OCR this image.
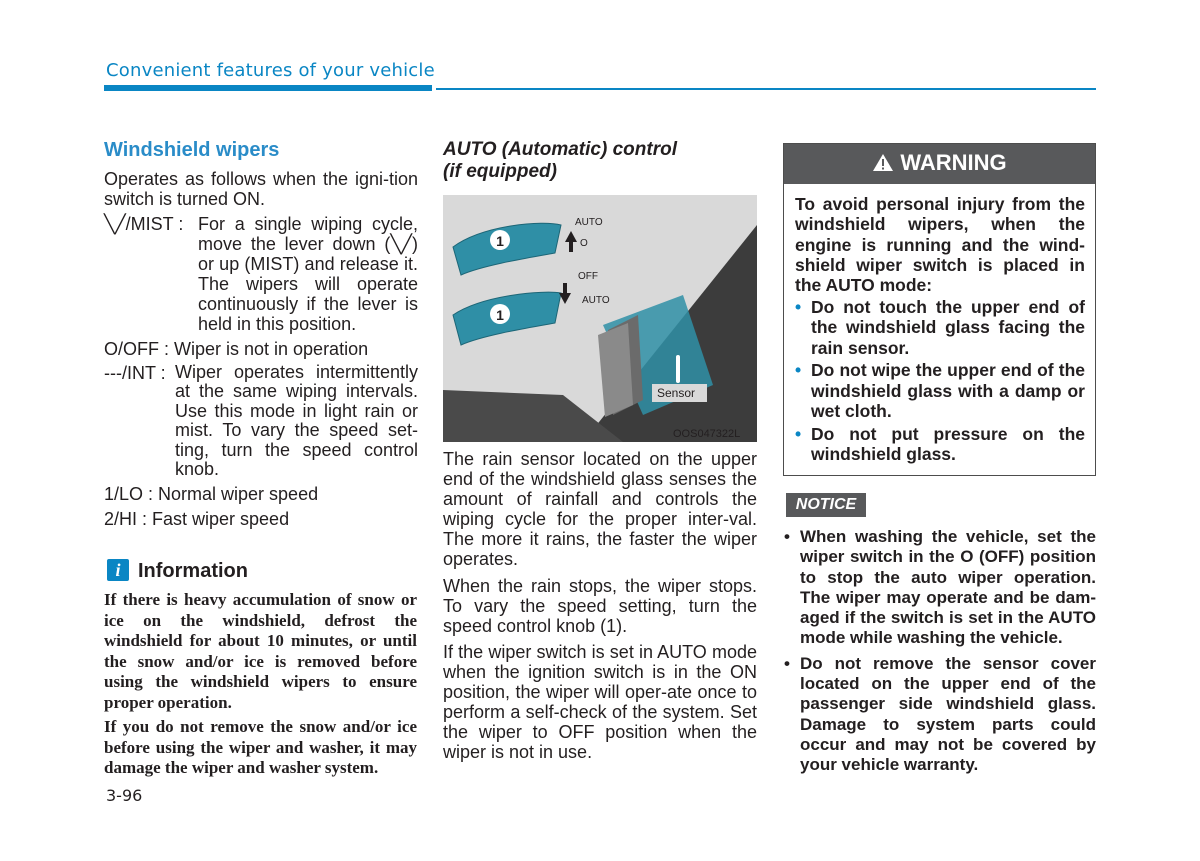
Convenient features of your vehicle
Windshield wipers
Operates as follows when the igni-tion switch is turned ON.
╲╱/MIST : For a single wiping cycle, move the lever down (╲╱) or up (MIST) and release it. The wipers will operate continuously if the lever is held in this position.
O/OFF : Wiper is not in operation
---/INT : Wiper operates intermittently at the same wiping intervals. Use this mode in light rain or mist. To vary the speed set-ting, turn the speed control knob.
1/LO : Normal wiper speed
2/HI : Fast wiper speed
i Information
If there is heavy accumulation of snow or ice on the windshield, defrost the windshield for about 10 minutes, or until the snow and/or ice is removed before using the windshield wipers to ensure proper operation.
If you do not remove the snow and/or ice before using the wiper and washer, it may damage the wiper and washer system.
3-96
AUTO (Automatic) control
(if equipped)
1
1
AUTO
O
OFF
AUTO
Sensor
OOS047322L
The rain sensor located on the upper end of the windshield glass senses the amount of rainfall and controls the wiping cycle for the proper inter-val. The more it rains, the faster the wiper operates.
When the rain stops, the wiper stops. To vary the speed setting, turn the speed control knob (1).
If the wiper switch is set in AUTO mode when the ignition switch is in the ON position, the wiper will oper-ate once to perform a self-check of the system. Set the wiper to OFF position when the wiper is not in use.
WARNING
To avoid personal injury from the windshield wipers, when the engine is running and the wind-shield wiper switch is placed in the AUTO mode:
• Do not touch the upper end of the windshield glass facing the rain sensor.
• Do not wipe the upper end of the windshield glass with a damp or wet cloth.
• Do not put pressure on the windshield glass.
NOTICE
• When washing the vehicle, set the wiper switch in the O (OFF) position to stop the auto wiper operation. The wiper may operate and be dam-aged if the switch is set in the AUTO mode while washing the vehicle.
• Do not remove the sensor cover located on the upper end of the passenger side windshield glass. Damage to system parts could occur and may not be covered by your vehicle warranty.
